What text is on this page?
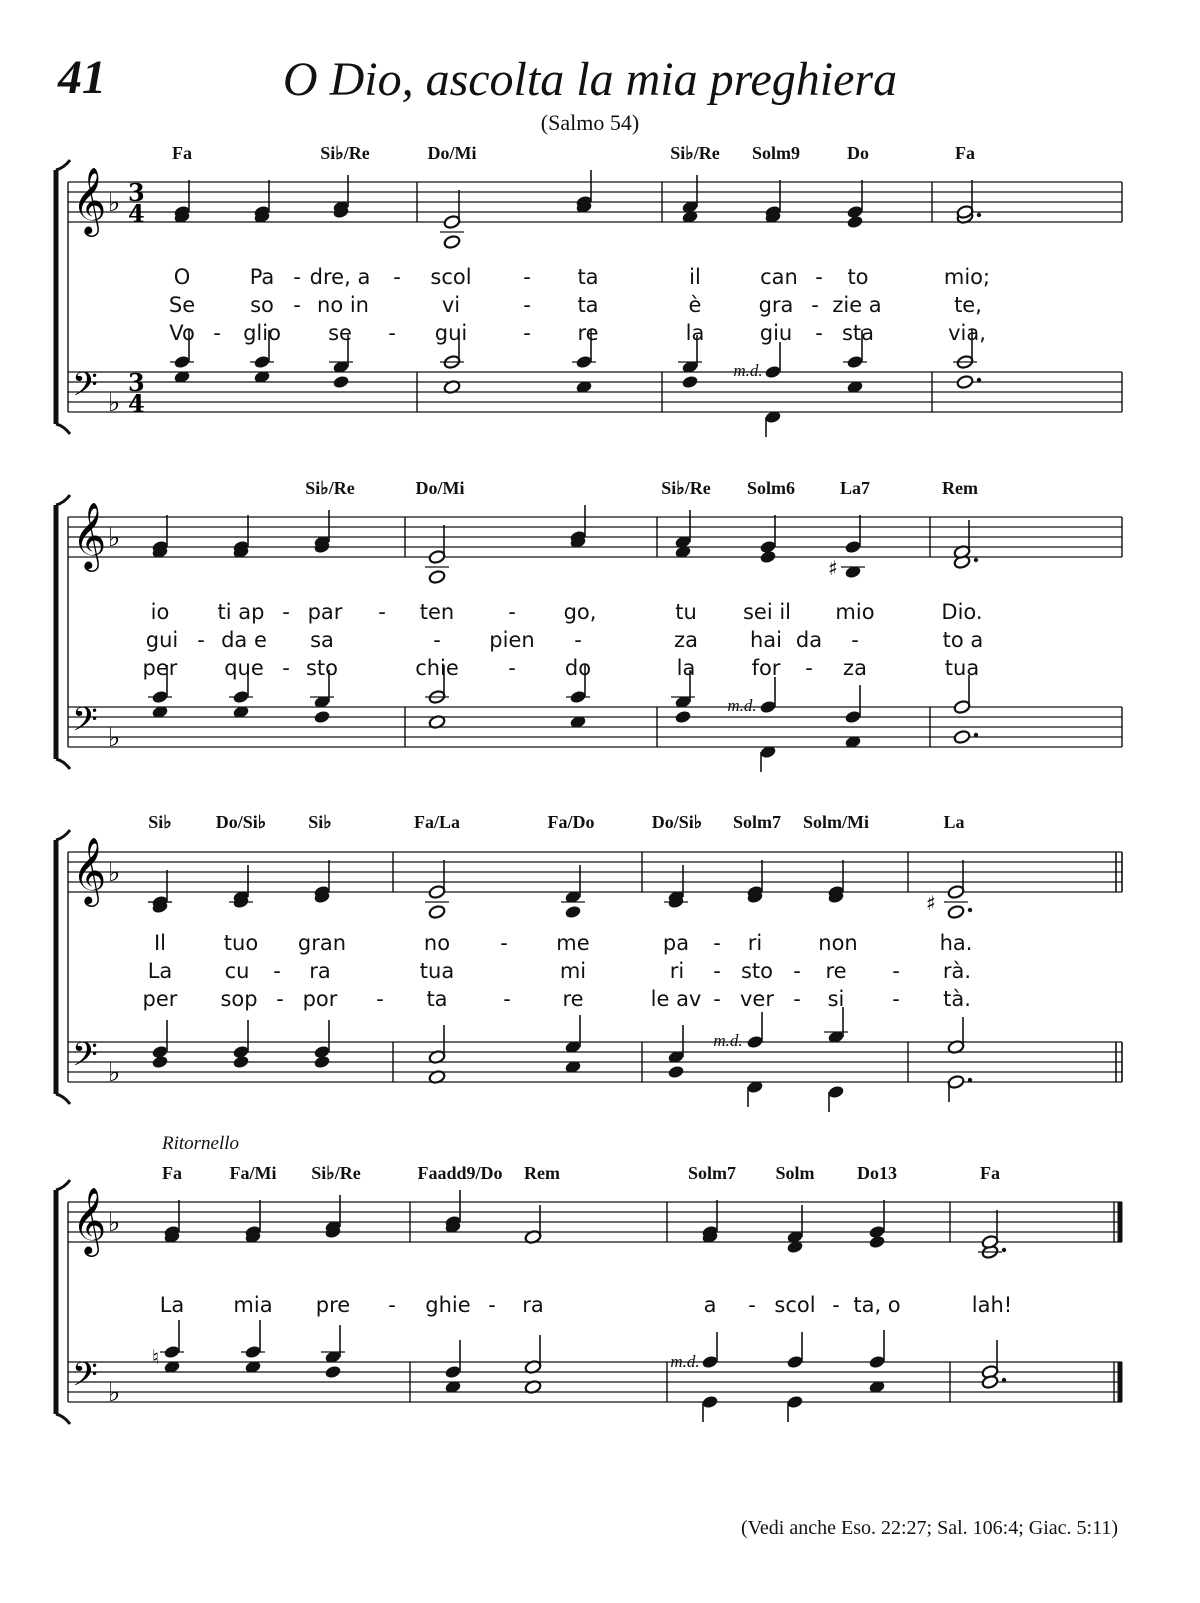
𝄞
𝄢
♭
♭
3
4
3
4
𝄞
𝄢
♭
♭
𝄞
𝄢
♭
♭
𝄞
𝄢
♭
♭
♯
♯
♮
41	O Dio, ascolta la mia preghiera
(Salmo 54)
Ritornello
Fa	Si♭/Re	Do/Mi	Si♭/Re Solm9	Do	Fa
O	Pa - dre, a - scol - ta	il	can - to	mio;
Se	so - no in	vi	- ta	è	gra - zie a	te,
Vo - glio se - gui	- re	la	giu - sta	via,
m.d.
Si♭/Re	Do/Mi	Si♭/Re Solm6 La7	Rem
io ti ap - par - ten	- go,	tu sei il mio	Dio.
gui - da e sa	- pien -	za hai da -	to a
per que - sto	chie - do	la	for - za	tua
m.d.
Si♭ Do/Si♭ Si♭	Fa/La	Fa/Do	Do/Si♭ Solm7 Solm/Mi	La
Il	tuo gran	no - me	pa - ri	non	ha.
La cu - ra	tua	mi	ri - sto - re - rà.
per sop - por - ta	- re	le av - ver - si - tà.
m.d.
Fa	Fa/Mi Si♭/Re	Faadd9/Do Rem	Solm7 Solm Do13	Fa
La mia pre - ghie - ra	a - scol - ta, o	lah!
m.d.
(Vedi anche Eso. 22:27; Sal. 106:4; Giac. 5:11)
